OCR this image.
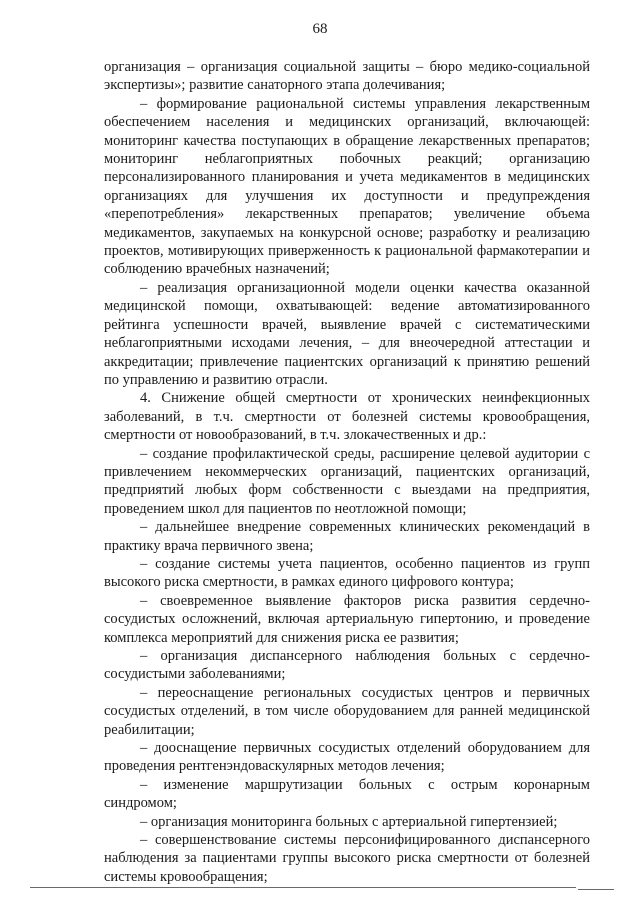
68

организация – организация социальной защиты – бюро медико-социальной экспертизы»; развитие санаторного этапа долечивания;

– формирование рациональной системы управления лекарственным обеспечением населения и медицинских организаций, включающей: мониторинг качества поступающих в обращение лекарственных препаратов; мониторинг неблагоприятных побочных реакций; организацию персонализированного планирования и учета медикаментов в медицинских организациях для улучшения их доступности и предупреждения «перепотребления» лекарственных препаратов; увеличение объема медикаментов, закупаемых на конкурсной основе; разработку и реализацию проектов, мотивирующих приверженность к рациональной фармакотерапии и соблюдению врачебных назначений;

– реализация организационной модели оценки качества оказанной медицинской помощи, охватывающей: ведение автоматизированного рейтинга успешности врачей, выявление врачей с систематическими неблагоприятными исходами лечения, – для внеочередной аттестации и аккредитации; привлечение пациентских организаций к принятию решений по управлению и развитию отрасли.

4. Снижение общей смертности от хронических неинфекционных заболеваний, в т.ч. смертности от болезней системы кровообращения, смертности от новообразований, в т.ч. злокачественных и др.:

– создание профилактической среды, расширение целевой аудитории с привлечением некоммерческих организаций, пациентских организаций, предприятий любых форм собственности с выездами на предприятия, проведением школ для пациентов по неотложной помощи;

– дальнейшее внедрение современных клинических рекомендаций в практику врача первичного звена;

– создание системы учета пациентов, особенно пациентов из групп высокого риска смертности, в рамках единого цифрового контура;

– своевременное выявление факторов риска развития сердечно-сосудистых осложнений, включая артериальную гипертонию, и проведение комплекса мероприятий для снижения риска ее развития;

– организация диспансерного наблюдения больных с сердечно-сосудистыми заболеваниями;

– переоснащение региональных сосудистых центров и первичных сосудистых отделений, в том числе оборудованием для ранней медицинской реабилитации;

– дооснащение первичных сосудистых отделений оборудованием для проведения рентгенэндоваскулярных методов лечения;

– изменение маршрутизации больных с острым коронарным синдромом;

– организация мониторинга больных с артериальной гипертензией;

– совершенствование системы персонифицированного диспансерного наблюдения за пациентами группы высокого риска смертности от болезней системы кровообращения;
